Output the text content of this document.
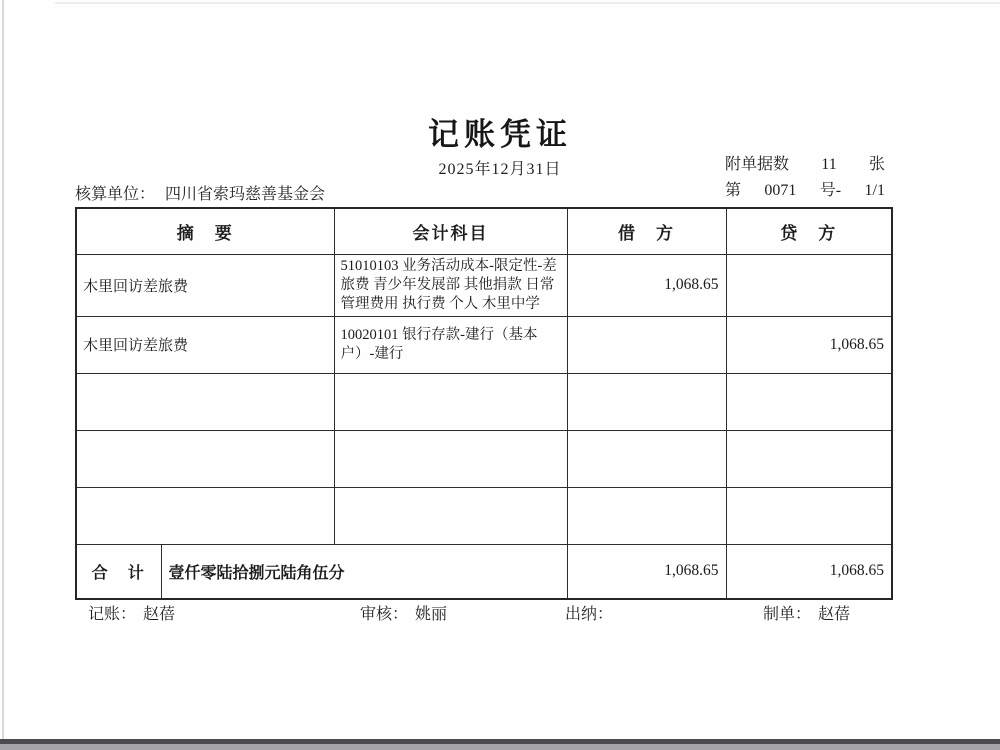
记账凭证
2025年12月31日	附单据数 11 张
第 0071 号- 1/1
核算单位： 四川省索玛慈善基金会
摘　要		会计科目	借　方	贷　方
木里回访差旅费		51010103 业务活动成本-限定性-差旅费 青少年发展部 其他捐款 日常管理费用 执行费 个人 木里中学	1,068.65	
木里回访差旅费		10020101 银行存款-建行（基本户）-建行		1,068.65

合　计	壹仟零陆拾捌元陆角伍分		1,068.65	1,068.65
记账： 赵蓓	审核： 姚丽	出纳：	制单： 赵蓓
